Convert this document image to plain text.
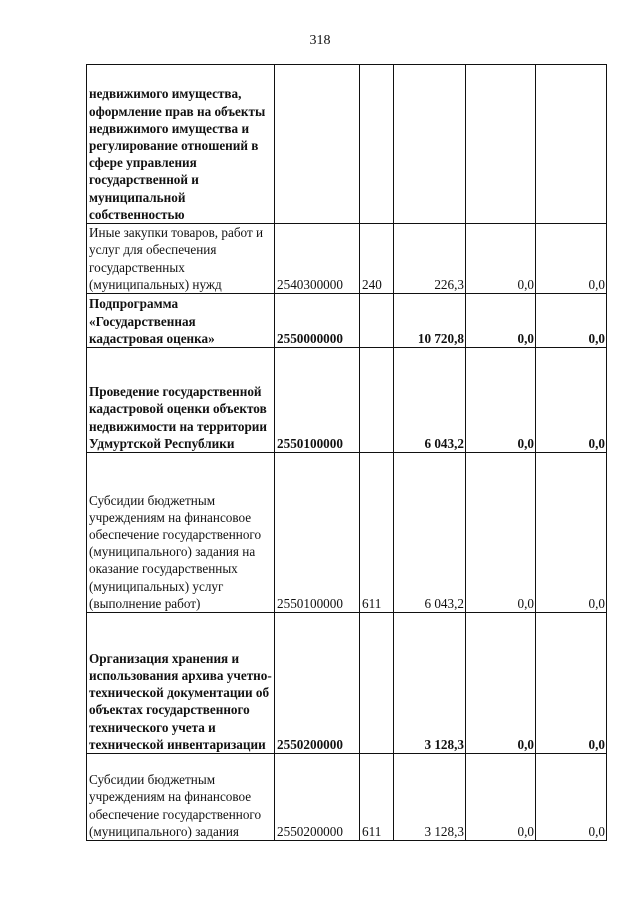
318
недвижимого имущества, оформление прав на объекты недвижимого имущества и регулирование отношений в сфере управления государственной и муниципальной собственностью					

Иные закупки товаров, работ и услуг для обеспечения государственных (муниципальных) нужд	2540300000	240	226,3	0,0	0,0

Подпрограмма «Государственная кадастровая оценка»	2550000000		10 720,8	0,0	0,0

Проведение государственной кадастровой оценки объектов недвижимости на территории Удмуртской Республики	2550100000		6 043,2	0,0	0,0

Субсидии бюджетным учреждениям на финансовое обеспечение государственного (муниципального) задания на оказание государственных (муниципальных) услуг (выполнение работ)	2550100000	611	6 043,2	0,0	0,0

Организация хранения и использования архива учетно-технической документации об объектах государственного технического учета и технической инвентаризации	2550200000		3 128,3	0,0	0,0

Субсидии бюджетным учреждениям на финансовое обеспечение государственного (муниципального) задания	2550200000	611	3 128,3	0,0	0,0
